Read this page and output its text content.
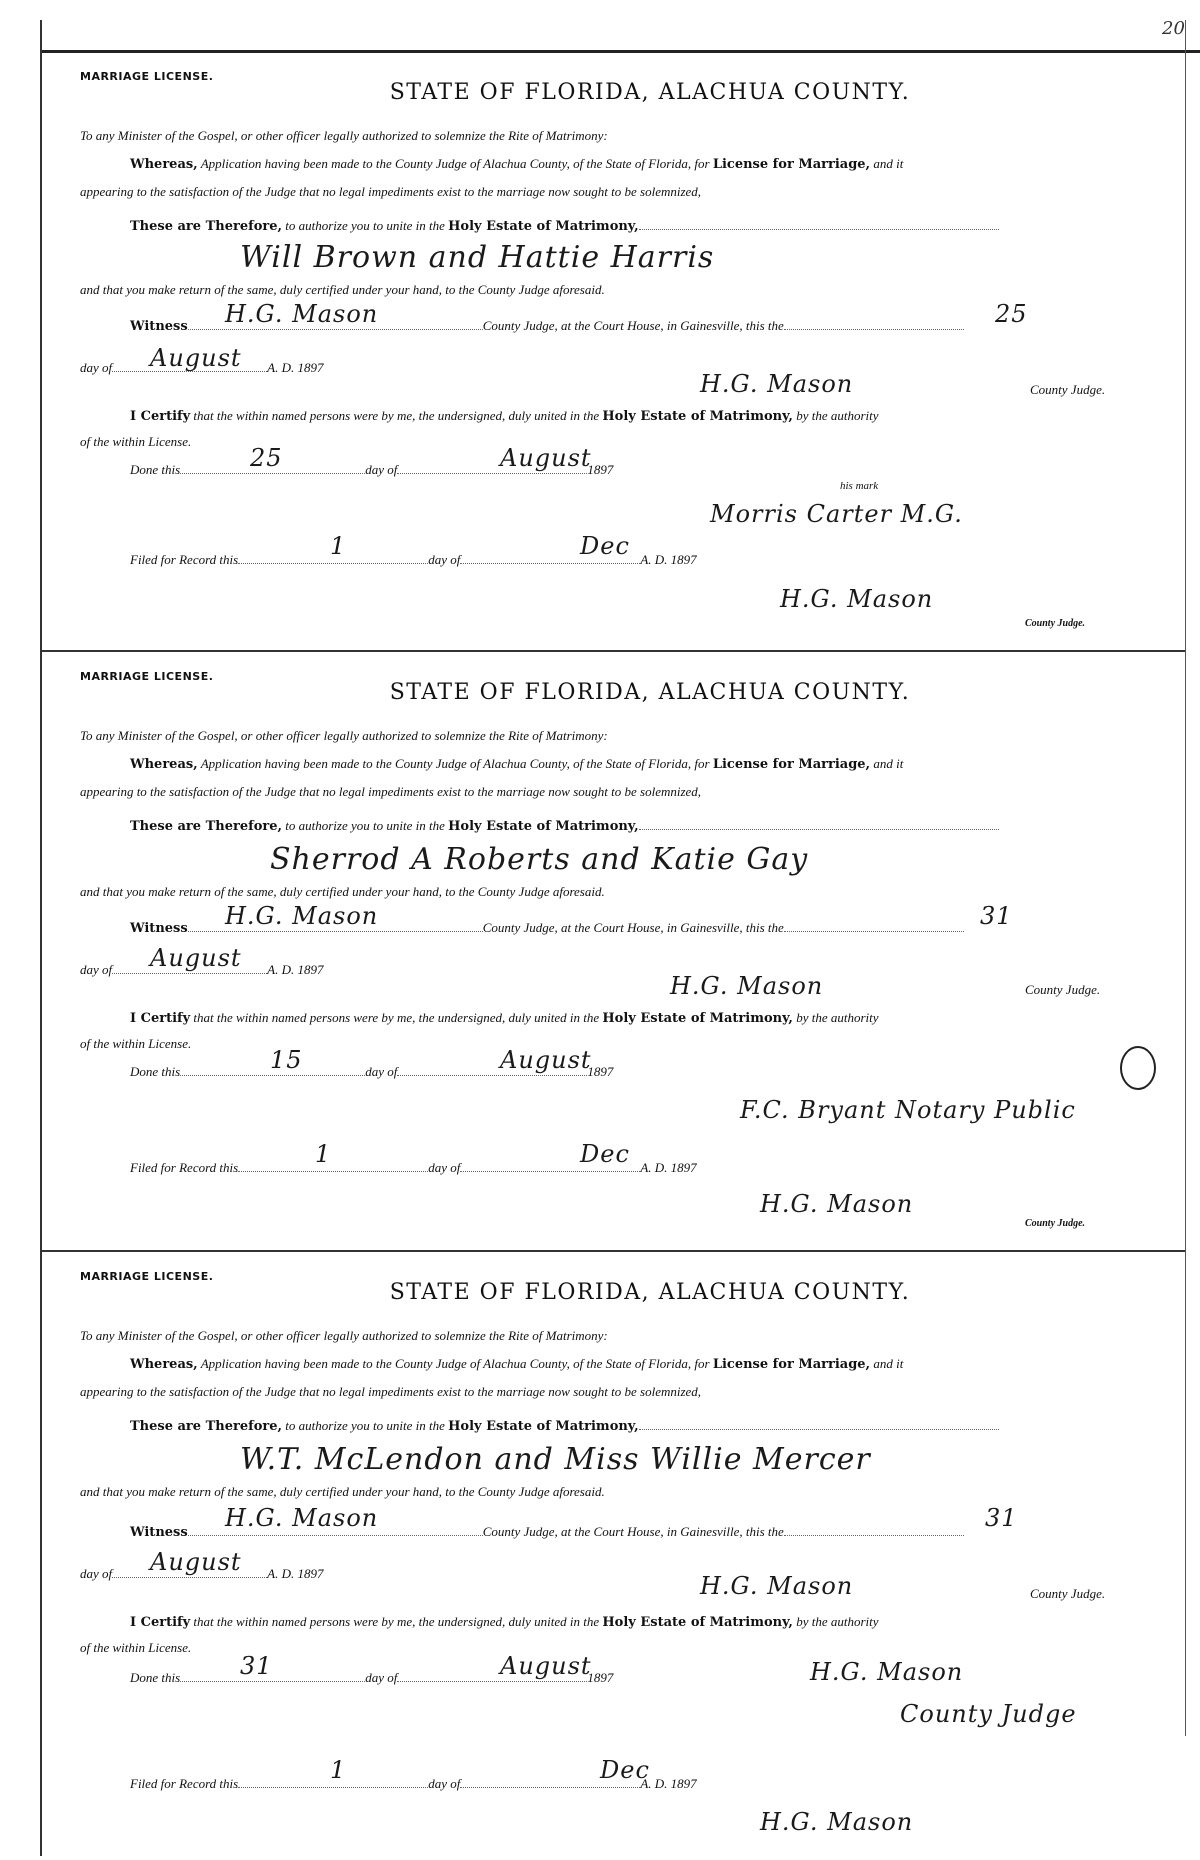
20
MARRIAGE LICENSE.
STATE OF FLORIDA, ALACHUA COUNTY.
To any Minister of the Gospel, or other officer legally authorized to solemnize the Rite of Matrimony:
Whereas, Application having been made to the County Judge of Alachua County, of the State of Florida, for License for Marriage, and it
appearing to the satisfaction of the Judge that no legal impediments exist to the marriage now sought to be solemnized,
These are Therefore, to authorize you to unite in the Holy Estate of Matrimony,
Will Brown and Hattie Harris
and that you make return of the same, duly certified under your hand, to the County Judge aforesaid.
Witness	County Judge, at the Court House, in Gainesville, this the
H.G. Mason	25
day of	A. D. 1897
August
H.G. Mason	County Judge.
I Certify that the within named persons were by me, the undersigned, duly united in the Holy Estate of Matrimony, by the authority
of the within License.
Done this	day of	1897
25	August
Morris Carter M.G.
his mark
Filed for Record this	day of	A. D. 1897
1	Dec
H.G. Mason
County Judge.
MARRIAGE LICENSE.
STATE OF FLORIDA, ALACHUA COUNTY.
To any Minister of the Gospel, or other officer legally authorized to solemnize the Rite of Matrimony:
Whereas, Application having been made to the County Judge of Alachua County, of the State of Florida, for License for Marriage, and it
appearing to the satisfaction of the Judge that no legal impediments exist to the marriage now sought to be solemnized,
These are Therefore, to authorize you to unite in the Holy Estate of Matrimony,
Sherrod A Roberts and Katie Gay
and that you make return of the same, duly certified under your hand, to the County Judge aforesaid.
Witness	County Judge, at the Court House, in Gainesville, this the
H.G. Mason	31
day of	A. D. 1897
August
H.G. Mason	County Judge.
I Certify that the within named persons were by me, the undersigned, duly united in the Holy Estate of Matrimony, by the authority
of the within License.
Done this	day of	1897
15	August
F.C. Bryant Notary Public
Filed for Record this	day of	A. D. 1897
1	Dec
H.G. Mason
County Judge.
MARRIAGE LICENSE.
STATE OF FLORIDA, ALACHUA COUNTY.
To any Minister of the Gospel, or other officer legally authorized to solemnize the Rite of Matrimony:
Whereas, Application having been made to the County Judge of Alachua County, of the State of Florida, for License for Marriage, and it
appearing to the satisfaction of the Judge that no legal impediments exist to the marriage now sought to be solemnized,
These are Therefore, to authorize you to unite in the Holy Estate of Matrimony,
W.T. McLendon and Miss Willie Mercer
and that you make return of the same, duly certified under your hand, to the County Judge aforesaid.
Witness	County Judge, at the Court House, in Gainesville, this the
H.G. Mason	31
day of	A. D. 1897
August
H.G. Mason	County Judge.
I Certify that the within named persons were by me, the undersigned, duly united in the Holy Estate of Matrimony, by the authority
of the within License.
Done this	day of	1897
31	August	H.G. Mason
County Judge
Filed for Record this	day of	A. D. 1897
1	Dec
H.G. Mason
